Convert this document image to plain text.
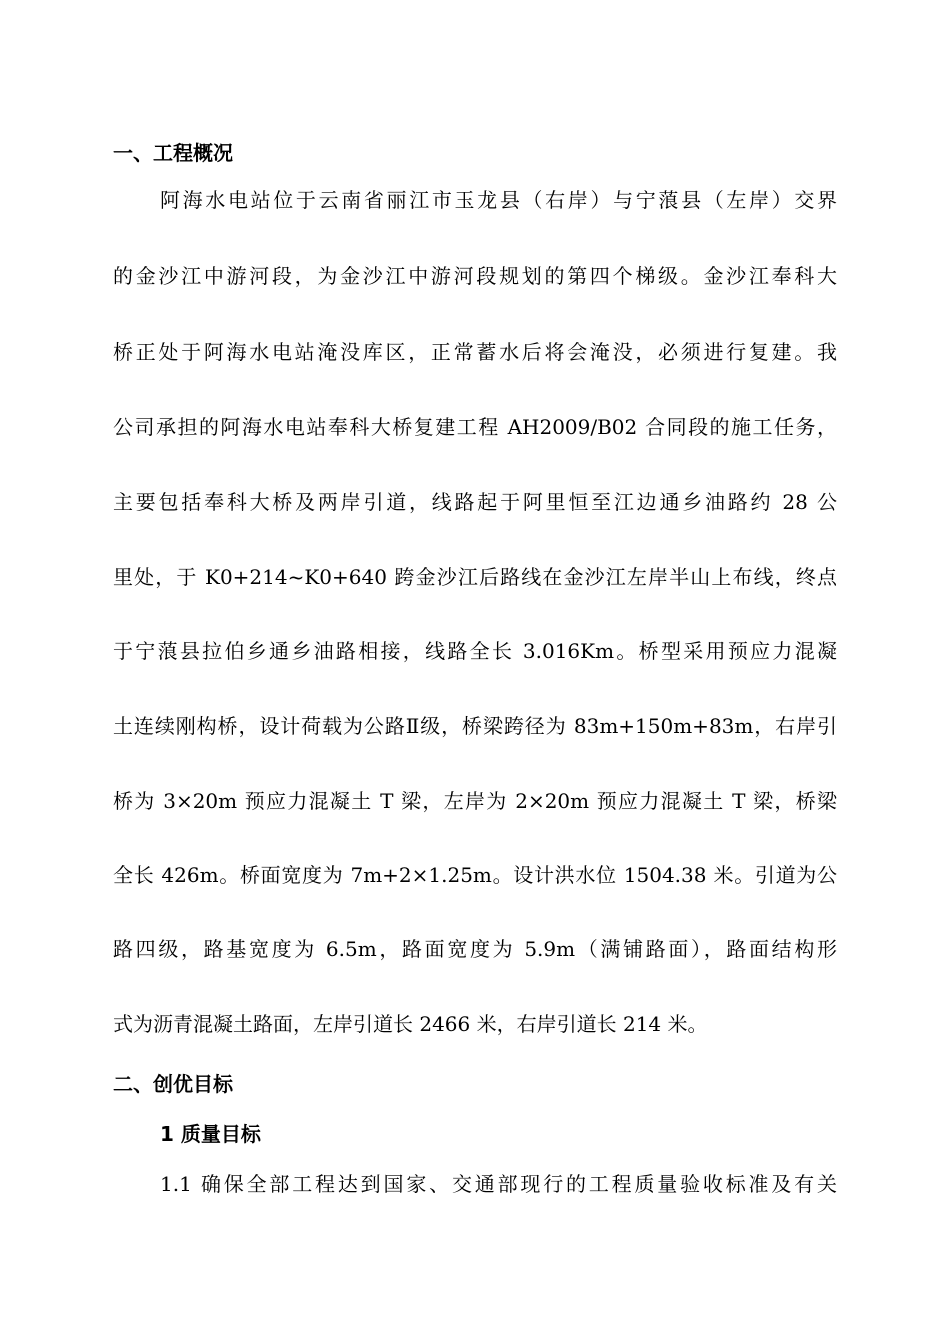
一、工程概况
阿海水电站位于云南省丽江市玉龙县（右岸）与宁蒗县（左岸）交界
的金沙江中游河段，为金沙江中游河段规划的第四个梯级。金沙江奉科大
桥正处于阿海水电站淹没库区，正常蓄水后将会淹没，必须进行复建。我
公司承担的阿海水电站奉科大桥复建工程 AH2009/B02 合同段的施工任务，
主要包括奉科大桥及两岸引道，线路起于阿里恒至江边通乡油路约 28 公
里处，于 K0+214~K0+640 跨金沙江后路线在金沙江左岸半山上布线，终点
于宁蒗县拉伯乡通乡油路相接，线路全长 3.016Km。桥型采用预应力混凝
土连续刚构桥，设计荷载为公路Ⅱ级，桥梁跨径为 83m+150m+83m，右岸引
桥为 3×20m 预应力混凝土 T 梁，左岸为 2×20m 预应力混凝土 T 梁，桥梁
全长 426m。桥面宽度为 7m+2×1.25m。设计洪水位 1504.38 米。引道为公
路四级，路基宽度为 6.5m，路面宽度为 5.9m（满铺路面），路面结构形
式为沥青混凝土路面，左岸引道长 2466 米，右岸引道长 214 米。
二、创优目标
1 质量目标
1.1 确保全部工程达到国家、交通部现行的工程质量验收标准及有关
